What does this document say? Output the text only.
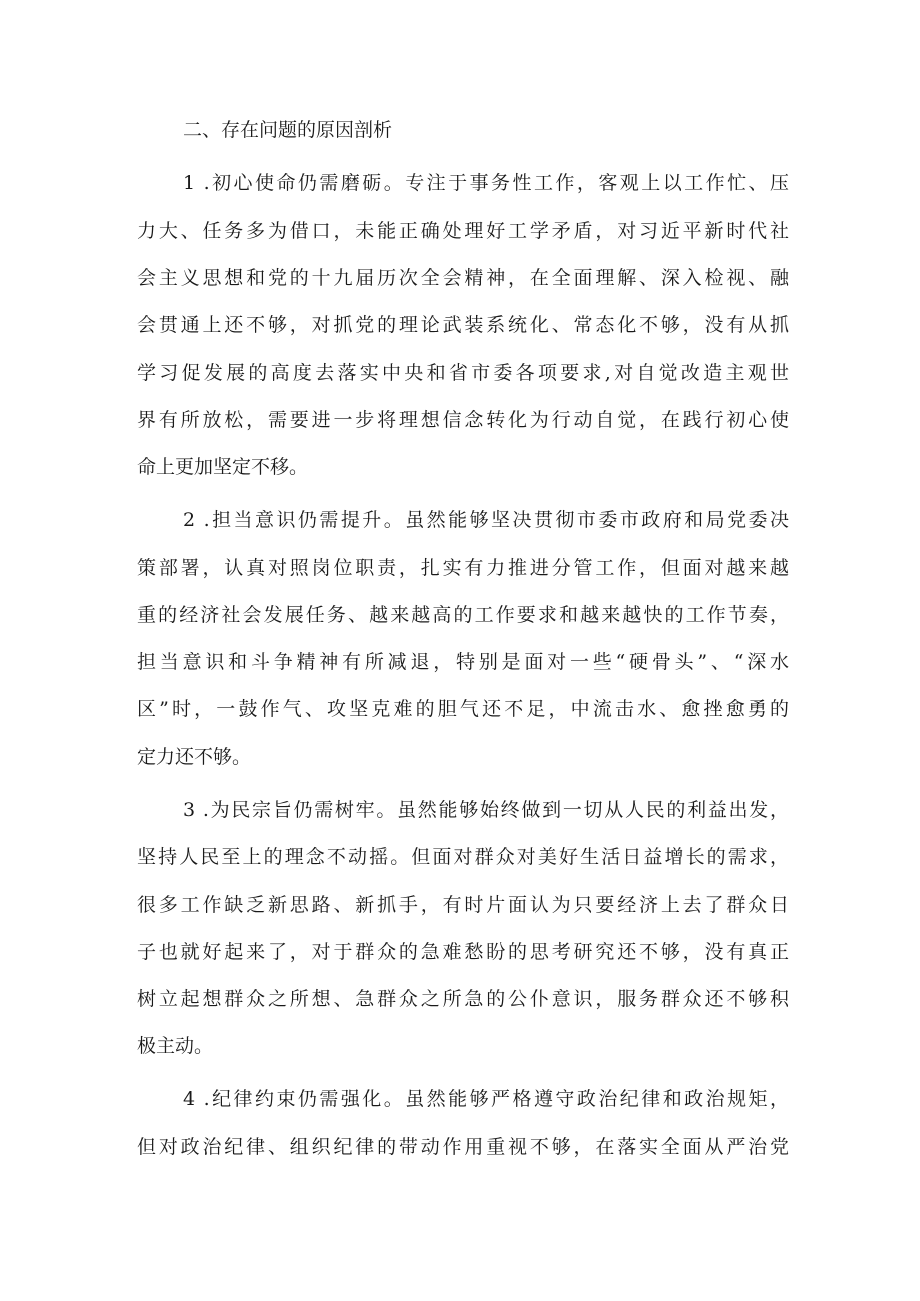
二、存在问题的原因剖析
1 .初心使命仍需磨砺。专注于事务性工作，客观上以工作忙、压
力大、任务多为借口，未能正确处理好工学矛盾，对习近平新时代社
会主义思想和党的十九届历次全会精神，在全面理解、深入检视、融
会贯通上还不够，对抓党的理论武装系统化、常态化不够，没有从抓
学习促发展的高度去落实中央和省市委各项要求,对自觉改造主观世
界有所放松，需要进一步将理想信念转化为行动自觉，在践行初心使
命上更加坚定不移。
2 .担当意识仍需提升。虽然能够坚决贯彻市委市政府和局党委决
策部署，认真对照岗位职责，扎实有力推进分管工作，但面对越来越
重的经济社会发展任务、越来越高的工作要求和越来越快的工作节奏，
担当意识和斗争精神有所减退，特别是面对一些“硬骨头”、“深水
区”时，一鼓作气、攻坚克难的胆气还不足，中流击水、愈挫愈勇的
定力还不够。
3 .为民宗旨仍需树牢。虽然能够始终做到一切从人民的利益出发，
坚持人民至上的理念不动摇。但面对群众对美好生活日益增长的需求，
很多工作缺乏新思路、新抓手，有时片面认为只要经济上去了群众日
子也就好起来了，对于群众的急难愁盼的思考研究还不够，没有真正
树立起想群众之所想、急群众之所急的公仆意识，服务群众还不够积
极主动。
4 .纪律约束仍需强化。虽然能够严格遵守政治纪律和政治规矩，
但对政治纪律、组织纪律的带动作用重视不够，在落实全面从严治党
